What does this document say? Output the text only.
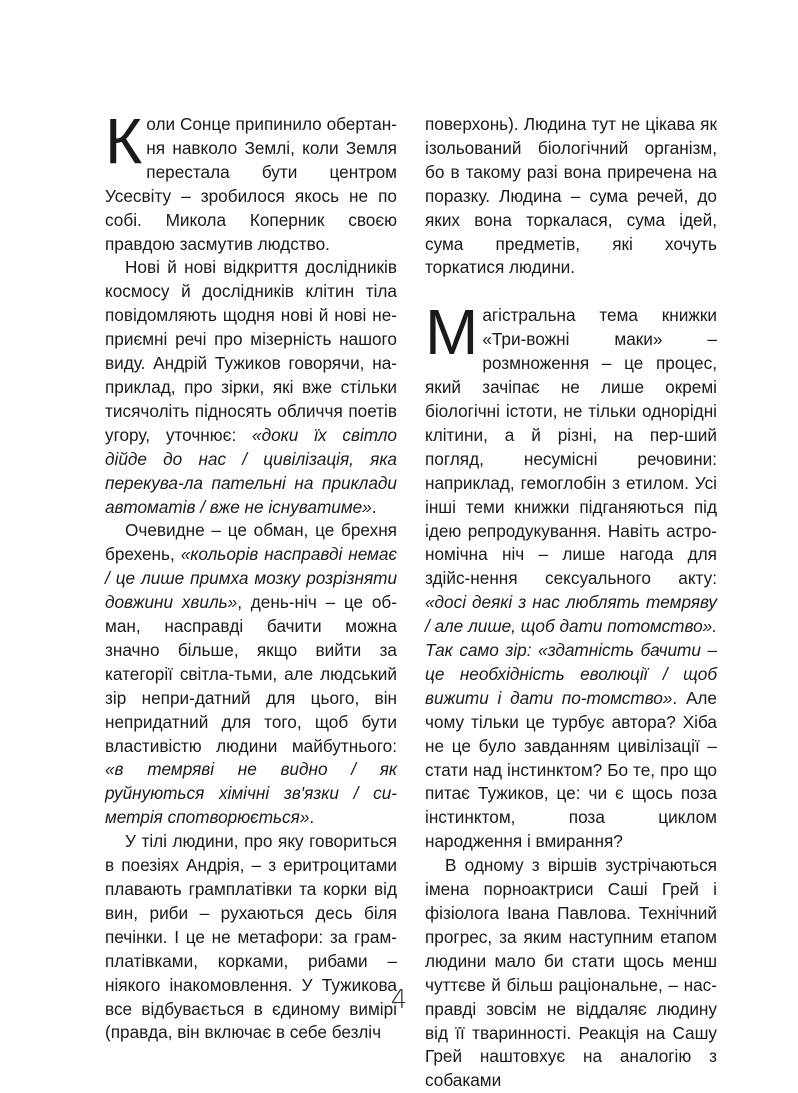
Коли Сонце припинило обертан-ня навколо Землі, коли Земля перестала бути центром Усесвіту – зробилося якось не по собі. Микола Коперник своєю правдою засмутив людство.

Нові й нові відкриття дослідників космосу й дослідників клітин тіла повідомляють щодня нові й нові не-приємні речі про мізерність нашого виду. Андрій Тужиков говорячи, на-приклад, про зірки, які вже стільки тисячоліть підносять обличчя поетів угору, уточнює: «доки їх світло дійде до нас / цивілізація, яка перекува-ла пательні на приклади автоматів / вже не існуватиме».

Очевидне – це обман, це брехня брехень, «кольорів насправді немає / це лише примха мозку розрізняти довжини хвиль», день-ніч – це об-ман, насправді бачити можна значно більше, якщо вийти за категорії світла-тьми, але людський зір непри-датний для цього, він непридатний для того, щоб бути властивістю людини майбутнього: «в темряві не видно / як руйнуються хімічні зв'язки / си-метрія спотворюється».

У тілі людини, про яку говориться в поезіях Андрія, – з еритроцитами плавають грамплатівки та корки від вин, риби – рухаються десь біля печінки. І це не метафори: за грам-платівками, корками, рибами – ніякого інакомовлення. У Тужикова все відбувається в єдиному вимірі (правда, він включає в себе безліч

поверхонь). Людина тут не цікава як ізольований біологічний організм, бо в такому разі вона приречена на поразку. Людина – сума речей, до яких вона торкалася, сума ідей, сума предметів, які хочуть торкатися людини.

Магістральна тема книжки «Три-вожні маки» – розмноження – це процес, який зачіпає не лише окремі біологічні істоти, не тільки однорідні клітини, а й різні, на пер-ший погляд, несумісні речовини: наприклад, гемоглобін з етилом. Усі інші теми книжки підганяються під ідею репродукування. Навіть астро-номічна ніч – лише нагода для здійс-нення сексуального акту: «досі деякі з нас люблять темряву / але лише, щоб дати потомство». Так само зір: «здатність бачити – це необхідність еволюції / щоб вижити і дати по-томство». Але чому тільки це турбує автора? Хіба не це було завданням цивілізації – стати над інстинктом? Бо те, про що питає Тужиков, це: чи є щось поза інстинктом, поза циклом народження і вмирання?

В одному з віршів зустрічаються імена порноактриси Саші Грей і фізіолога Івана Павлова. Технічний прогрес, за яким наступним етапом людини мало би стати щось менш чуттєве й більш раціональне, – нас-правді зовсім не віддаляє людину від її тваринності. Реакція на Сашу Грей наштовхує на аналогію з собаками

4
